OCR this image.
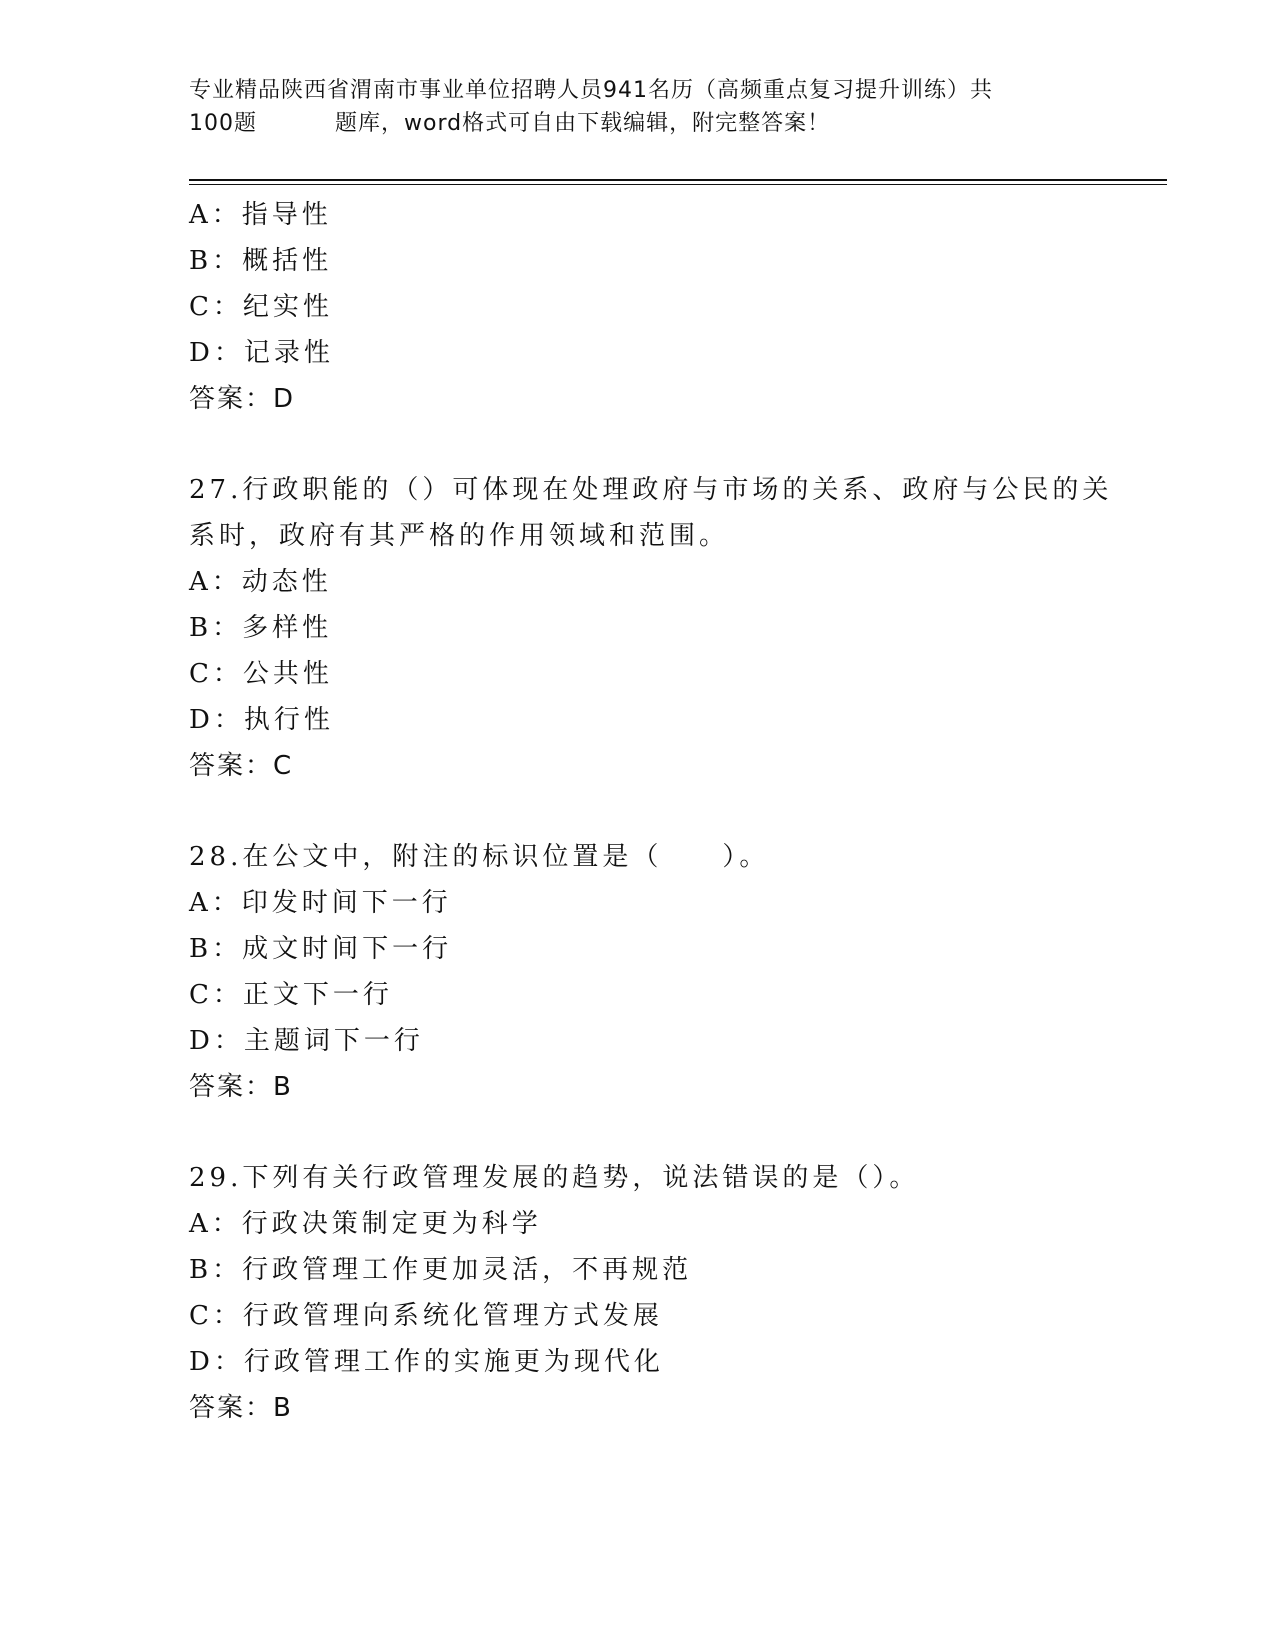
专业精品陕西省渭南市事业单位招聘人员941名历（高频重点复习提升训练）共
100题	题库，word格式可自由下载编辑，附完整答案！
A：指导性
B：概括性
C：纪实性
D：记录性
答案：D
27.行政职能的（）可体现在处理政府与市场的关系、政府与公民的关
系时，政府有其严格的作用领域和范围。
A：动态性
B：多样性
C：公共性
D：执行性
答案：C
28.在公文中，附注的标识位置是（　　）。
A：印发时间下一行
B：成文时间下一行
C：正文下一行
D：主题词下一行
答案：B
29.下列有关行政管理发展的趋势，说法错误的是（）。
A：行政决策制定更为科学
B：行政管理工作更加灵活，不再规范
C：行政管理向系统化管理方式发展
D：行政管理工作的实施更为现代化
答案：B
